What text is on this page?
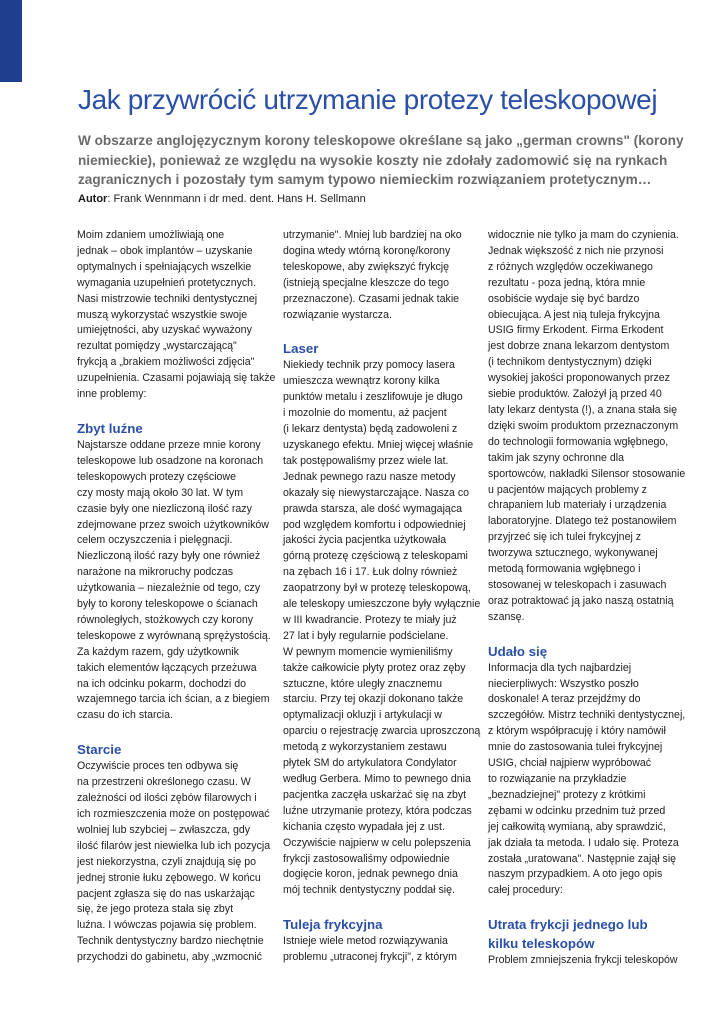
Jak przywrócić utrzymanie protezy teleskopowej

W obszarze anglojęzycznym korony teleskopowe określane są jako „german crowns" (korony niemieckie), ponieważ ze względu na wysokie koszty nie zdołały zadomowić się na rynkach zagranicznych i pozostały tym samym typowo niemieckim rozwiązaniem protetycznym…

Autor: Frank Wennmann i dr med. dent. Hans H. Sellmann

Moim zdaniem umożliwiają one
jednak – obok implantów – uzyskanie
optymalnych i spełniających wszelkie
wymagania uzupełnień protetycznych.
Nasi mistrzowie techniki dentystycznej
muszą wykorzystać wszystkie swoje
umiejętności, aby uzyskać wyważony
rezultat pomiędzy „wystarczającą"
frykcją a „brakiem możliwości zdjęcia"
uzupełnienia. Czasami pojawiają się także
inne problemy:

Zbyt luźne

Najstarsze oddane przeze mnie korony
teleskopowe lub osadzone na koronach
teleskopowych protezy częściowe
czy mosty mają około 30 lat. W tym
czasie były one niezliczoną ilość razy
zdejmowane przez swoich użytkowników
celem oczyszczenia i pielęgnacji.
Niezliczoną ilość razy były one również
narażone na mikroruchy podczas
użytkowania – niezależnie od tego, czy
były to korony teleskopowe o ścianach
równoległych, stożkowych czy korony
teleskopowe z wyrównaną sprężystością.
Za każdym razem, gdy użytkownik
takich elementów łączących przeżuwa
na ich odcinku pokarm, dochodzi do
wzajemnego tarcia ich ścian, a z biegiem
czasu do ich starcia.

Starcie

Oczywiście proces ten odbywa się
na przestrzeni określonego czasu. W
zależności od ilości zębów filarowych i
ich rozmieszczenia może on postępować
wolniej lub szybciej – zwłaszcza, gdy
ilość filarów jest niewielka lub ich pozycja
jest niekorzystna, czyli znajdują się po
jednej stronie łuku zębowego. W końcu
pacjent zgłasza się do nas uskarżając
się, że jego proteza stała się zbyt
luźna. I wówczas pojawia się problem.
Technik dentystyczny bardzo niechętnie
przychodzi do gabinetu, aby „wzmocnić

utrzymanie". Mniej lub bardziej na oko
dogina wtedy wtórną koronę/korony
teleskopowe, aby zwiększyć frykcję
(istnieją specjalne kleszcze do tego
przeznaczone). Czasami jednak takie
rozwiązanie wystarcza.

Laser

Niekiedy technik przy pomocy lasera
umieszcza wewnątrz korony kilka
punktów metalu i zeszlifowuje je długo
i mozolnie do momentu, aż pacjent
(i lekarz dentysta) będą zadowoleni z
uzyskanego efektu. Mniej więcej właśnie
tak postępowaliśmy przez wiele lat.
Jednak pewnego razu nasze metody
okazały się niewystarczające. Nasza co
prawda starsza, ale dość wymagająca
pod względem komfortu i odpowiedniej
jakości życia pacjentka użytkowała
górną protezę częściową z teleskopami
na zębach 16 i 17. Łuk dolny również
zaopatrzony był w protezę teleskopową,
ale teleskopy umieszczone były wyłącznie
w III kwadrancie. Protezy te miały już
27 lat i były regularnie podścielane.
W pewnym momencie wymieniliśmy
także całkowicie płyty protez oraz zęby
sztuczne, które uległy znacznemu
starciu. Przy tej okazji dokonano także
optymalizacji okluzji i artykulacji w
oparciu o rejestrację zwarcia uproszczoną
metodą z wykorzystaniem zestawu
płytek SM do artykulatora Condylator
według Gerbera. Mimo to pewnego dnia
pacjentka zaczęła uskarżać się na zbyt
luźne utrzymanie protezy, która podczas
kichania często wypadała jej z ust.
Oczywiście najpierw w celu polepszenia
frykcji zastosowaliśmy odpowiednie
dogięcie koron, jednak pewnego dnia
mój technik dentystyczny poddał się.

Tuleja frykcyjna

Istnieje wiele metod rozwiązywania
problemu „utraconej frykcji", z którym

widocznie nie tylko ja mam do czynienia.
Jednak większość z nich nie przynosi
z różnych względów oczekiwanego
rezultatu - poza jedną, która mnie
osobiście wydaje się być bardzo
obiecująca. A jest nią tuleja frykcyjna
USIG firmy Erkodent. Firma Erkodent
jest dobrze znana lekarzom dentystom
(i technikom dentystycznym) dzięki
wysokiej jakości proponowanych przez
siebie produktów. Założył ją przed 40
laty lekarz dentysta (!), a znana stała się
dzięki swoim produktom przeznaczonym
do technologii formowania wgłębnego,
takim jak szyny ochronne dla
sportowców, nakładki Silensor stosowanie
u pacjentów mających problemy z
chrapaniem lub materiały i urządzenia
laboratoryjne. Dlatego też postanowiłem
przyjrzeć się ich tulei frykcyjnej z
tworzywa sztucznego, wykonywanej
metodą formowania wgłębnego i
stosowanej w teleskopach i zasuwach
oraz potraktować ją jako naszą ostatnią
szansę.

Udało się

Informacja dla tych najbardziej
niecierpliwych: Wszystko poszło
doskonale! A teraz przejdźmy do
szczegółów. Mistrz techniki dentystycznej,
z którym współpracuję i który namówił
mnie do zastosowania tulei frykcyjnej
USIG, chciał najpierw wypróbować
to rozwiązanie na przykładzie
„beznadziejnej" protezy z krótkimi
zębami w odcinku przednim tuż przed
jej całkowitą wymianą, aby sprawdzić,
jak działa ta metoda. I udało się. Proteza
została „uratowana". Następnie zajął się
naszym przypadkiem. A oto jego opis
całej procedury:

Utrata frykcji jednego lub
kilku teleskopów

Problem zmniejszenia frykcji teleskopów
